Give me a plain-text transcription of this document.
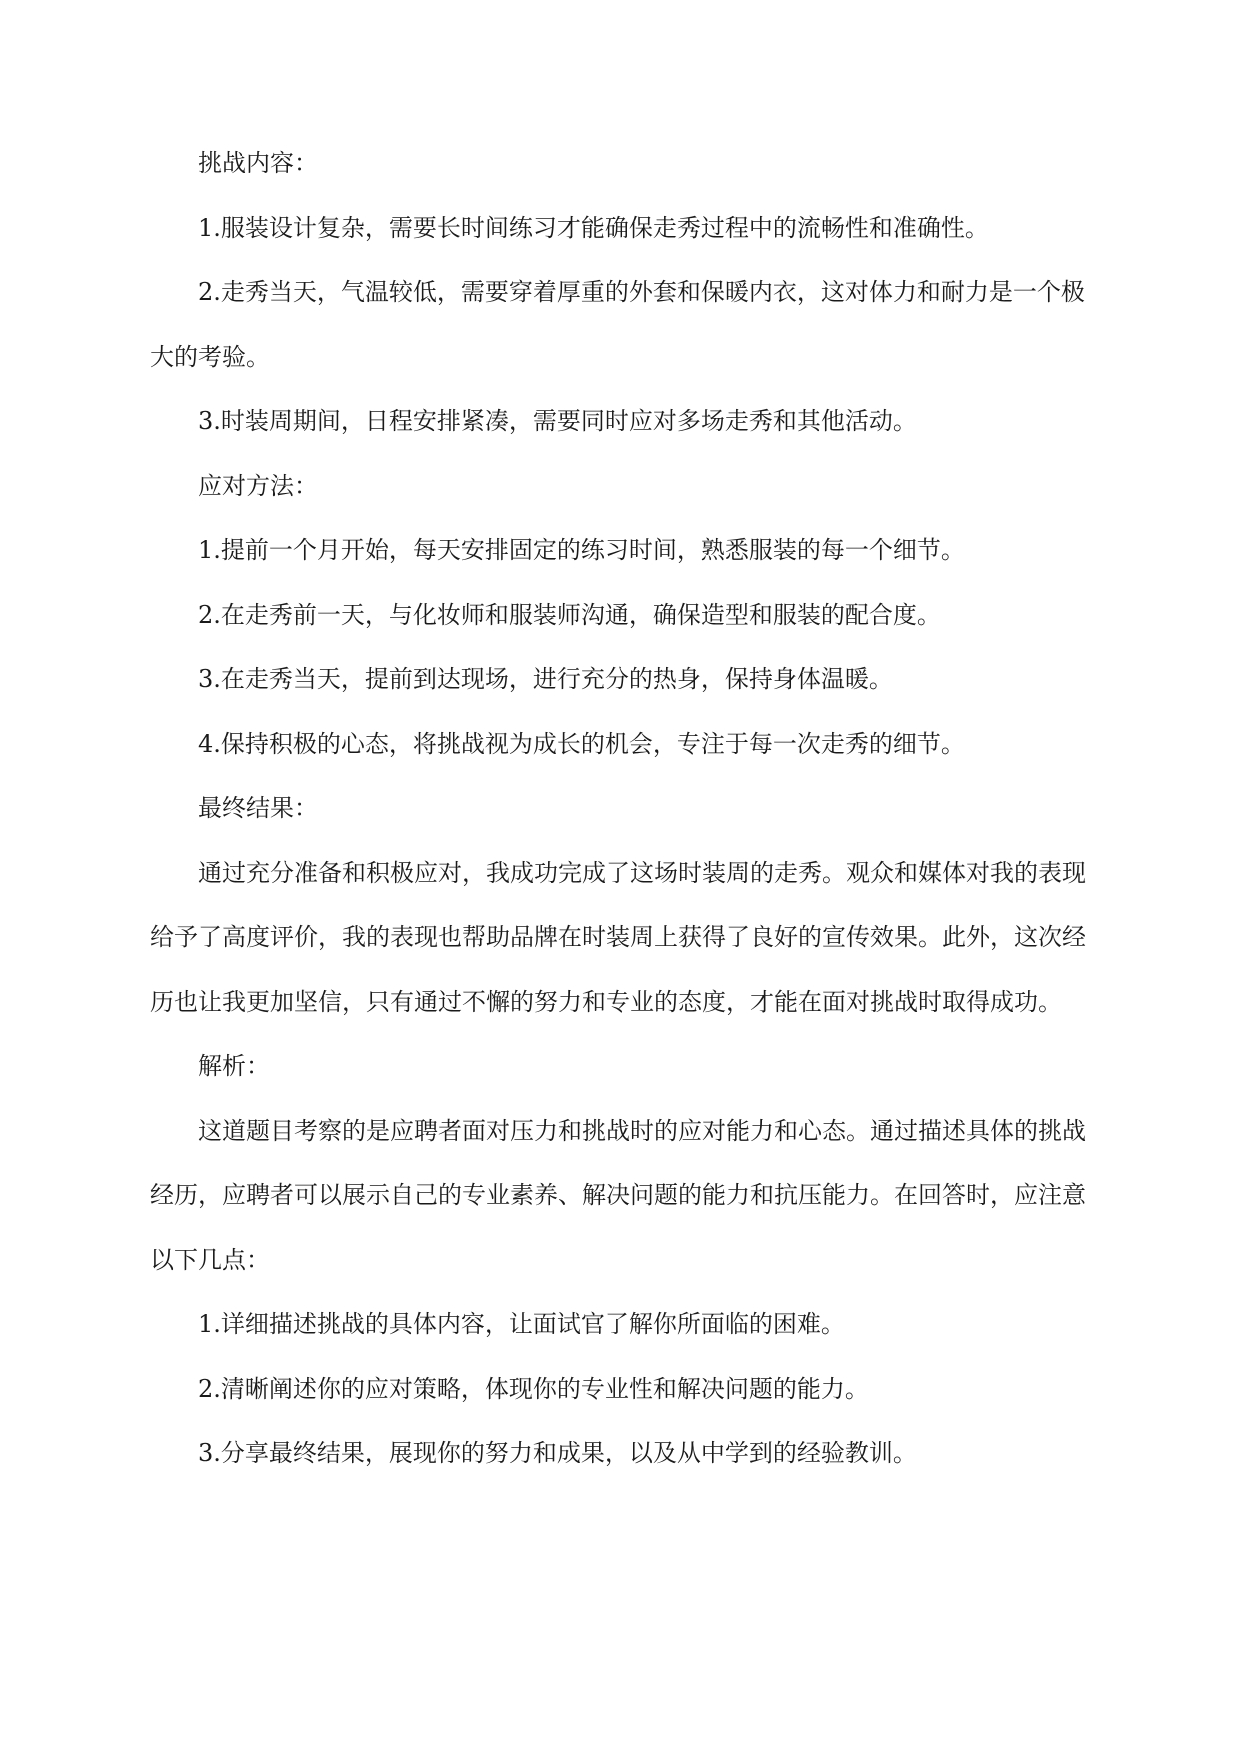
挑战内容：

1.服装设计复杂，需要长时间练习才能确保走秀过程中的流畅性和准确性。

2.走秀当天，气温较低，需要穿着厚重的外套和保暖内衣，这对体力和耐力是一个极大的考验。

3.时装周期间，日程安排紧凑，需要同时应对多场走秀和其他活动。

应对方法：

1.提前一个月开始，每天安排固定的练习时间，熟悉服装的每一个细节。

2.在走秀前一天，与化妆师和服装师沟通，确保造型和服装的配合度。

3.在走秀当天，提前到达现场，进行充分的热身，保持身体温暖。

4.保持积极的心态，将挑战视为成长的机会，专注于每一次走秀的细节。

最终结果：

通过充分准备和积极应对，我成功完成了这场时装周的走秀。观众和媒体对我的表现给予了高度评价，我的表现也帮助品牌在时装周上获得了良好的宣传效果。此外，这次经历也让我更加坚信，只有通过不懈的努力和专业的态度，才能在面对挑战时取得成功。

解析：

这道题目考察的是应聘者面对压力和挑战时的应对能力和心态。通过描述具体的挑战经历，应聘者可以展示自己的专业素养、解决问题的能力和抗压能力。在回答时，应注意以下几点：

1.详细描述挑战的具体内容，让面试官了解你所面临的困难。

2.清晰阐述你的应对策略，体现你的专业性和解决问题的能力。

3.分享最终结果，展现你的努力和成果，以及从中学到的经验教训。
